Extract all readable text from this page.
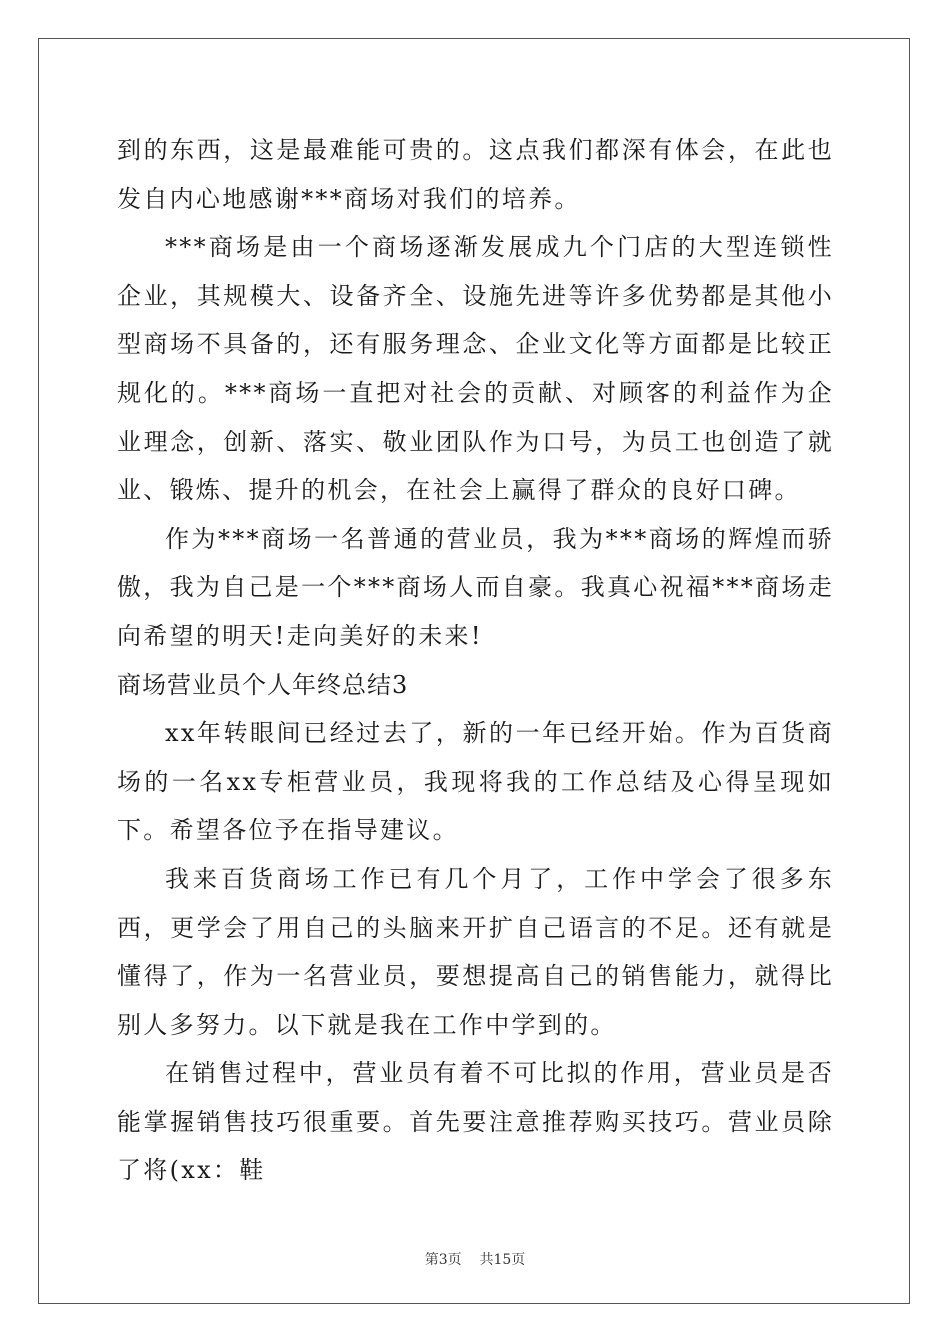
到的东西，这是最难能可贵的。这点我们都深有体会，在此也发自内心地感谢***商场对我们的培养。

***商场是由一个商场逐渐发展成九个门店的大型连锁性企业，其规模大、设备齐全、设施先进等许多优势都是其他小型商场不具备的，还有服务理念、企业文化等方面都是比较正规化的。***商场一直把对社会的贡献、对顾客的利益作为企业理念，创新、落实、敬业团队作为口号，为员工也创造了就业、锻炼、提升的机会，在社会上赢得了群众的良好口碑。

作为***商场一名普通的营业员，我为***商场的辉煌而骄傲，我为自己是一个***商场人而自豪。我真心祝福***商场走向希望的明天!走向美好的未来!

商场营业员个人年终总结3

xx年转眼间已经过去了，新的一年已经开始。作为百货商场的一名xx专柜营业员，我现将我的工作总结及心得呈现如下。希望各位予在指导建议。

我来百货商场工作已有几个月了，工作中学会了很多东西，更学会了用自己的头脑来开扩自己语言的不足。还有就是懂得了，作为一名营业员，要想提高自己的销售能力，就得比别人多努力。以下就是我在工作中学到的。

在销售过程中，营业员有着不可比拟的作用，营业员是否能掌握销售技巧很重要。首先要注意推荐购买技巧。营业员除了将(xx：鞋

第3页 共15页
